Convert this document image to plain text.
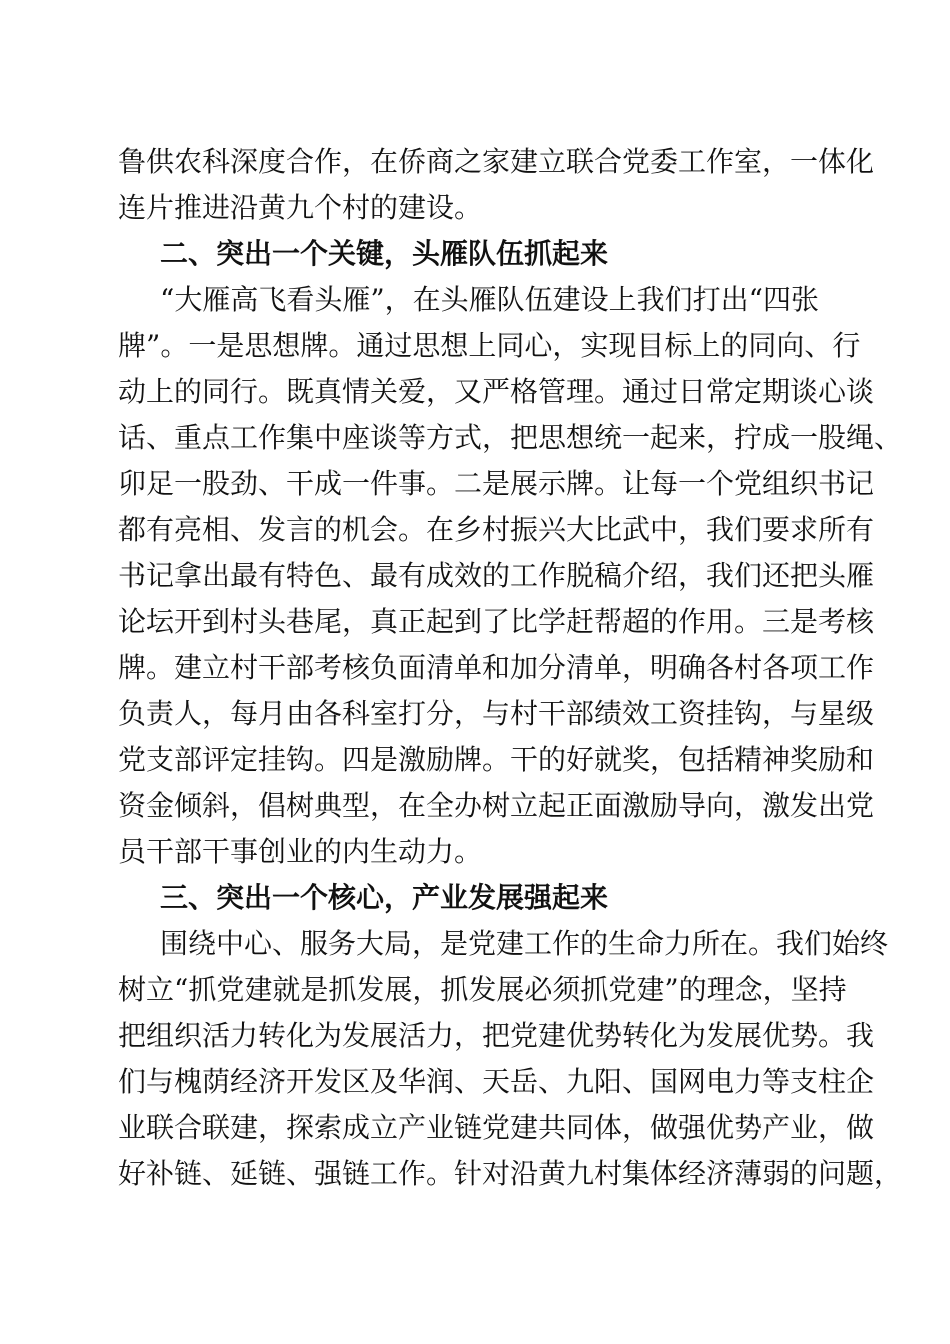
鲁供农科深度合作，在侨商之家建立联合党委工作室，一体化
连片推进沿黄九个村的建设。
二、突出一个关键，头雁队伍抓起来
“大雁高飞看头雁”，在头雁队伍建设上我们打出“四张
牌”。一是思想牌。通过思想上同心，实现目标上的同向、行
动上的同行。既真情关爱，又严格管理。通过日常定期谈心谈
话、重点工作集中座谈等方式，把思想统一起来，拧成一股绳、
卯足一股劲、干成一件事。二是展示牌。让每一个党组织书记
都有亮相、发言的机会。在乡村振兴大比武中，我们要求所有
书记拿出最有特色、最有成效的工作脱稿介绍，我们还把头雁
论坛开到村头巷尾，真正起到了比学赶帮超的作用。三是考核
牌。建立村干部考核负面清单和加分清单，明确各村各项工作
负责人，每月由各科室打分，与村干部绩效工资挂钩，与星级
党支部评定挂钩。四是激励牌。干的好就奖，包括精神奖励和
资金倾斜，倡树典型，在全办树立起正面激励导向，激发出党
员干部干事创业的内生动力。
三、突出一个核心，产业发展强起来
围绕中心、服务大局，是党建工作的生命力所在。我们始终
树立“抓党建就是抓发展，抓发展必须抓党建”的理念，坚持
把组织活力转化为发展活力，把党建优势转化为发展优势。我
们与槐荫经济开发区及华润、天岳、九阳、国网电力等支柱企
业联合联建，探索成立产业链党建共同体，做强优势产业，做
好补链、延链、强链工作。针对沿黄九村集体经济薄弱的问题，
